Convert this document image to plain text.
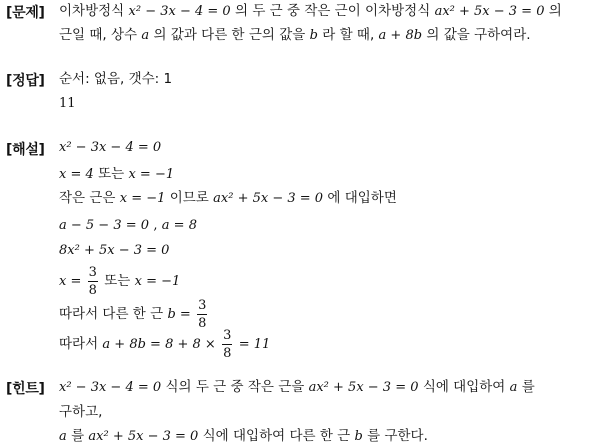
[문제] 이차방정식 x² − 3x − 4 = 0 의 두 근 중 작은 근이 이차방정식 ax² + 5x − 3 = 0 의
근일 때, 상수 a 의 값과 다른 한 근의 값을 b 라 할 때, a + 8b 의 값을 구하여라.
[정답] 순서: 없음, 갯수: 1
11
[해설] x² − 3x − 4 = 0
x = 4 또는 x = −1
작은 근은 x = −1 이므로 ax² + 5x − 3 = 0 에 대입하면
a − 5 − 3 = 0 , a = 8
8x² + 5x − 3 = 0
$x = \frac{3}{8}$ 또는 x = −1
따라서 다른 한 근 $b = \frac{3}{8}$
따라서 $a + 8b = 8 + 8 \times \frac{3}{8} = 11$
[힌트] x² − 3x − 4 = 0 식의 두 근 중 작은 근을 ax² + 5x − 3 = 0 식에 대입하여 a 를
구하고,
a 를 ax² + 5x − 3 = 0 식에 대입하여 다른 한 근 b 를 구한다.
